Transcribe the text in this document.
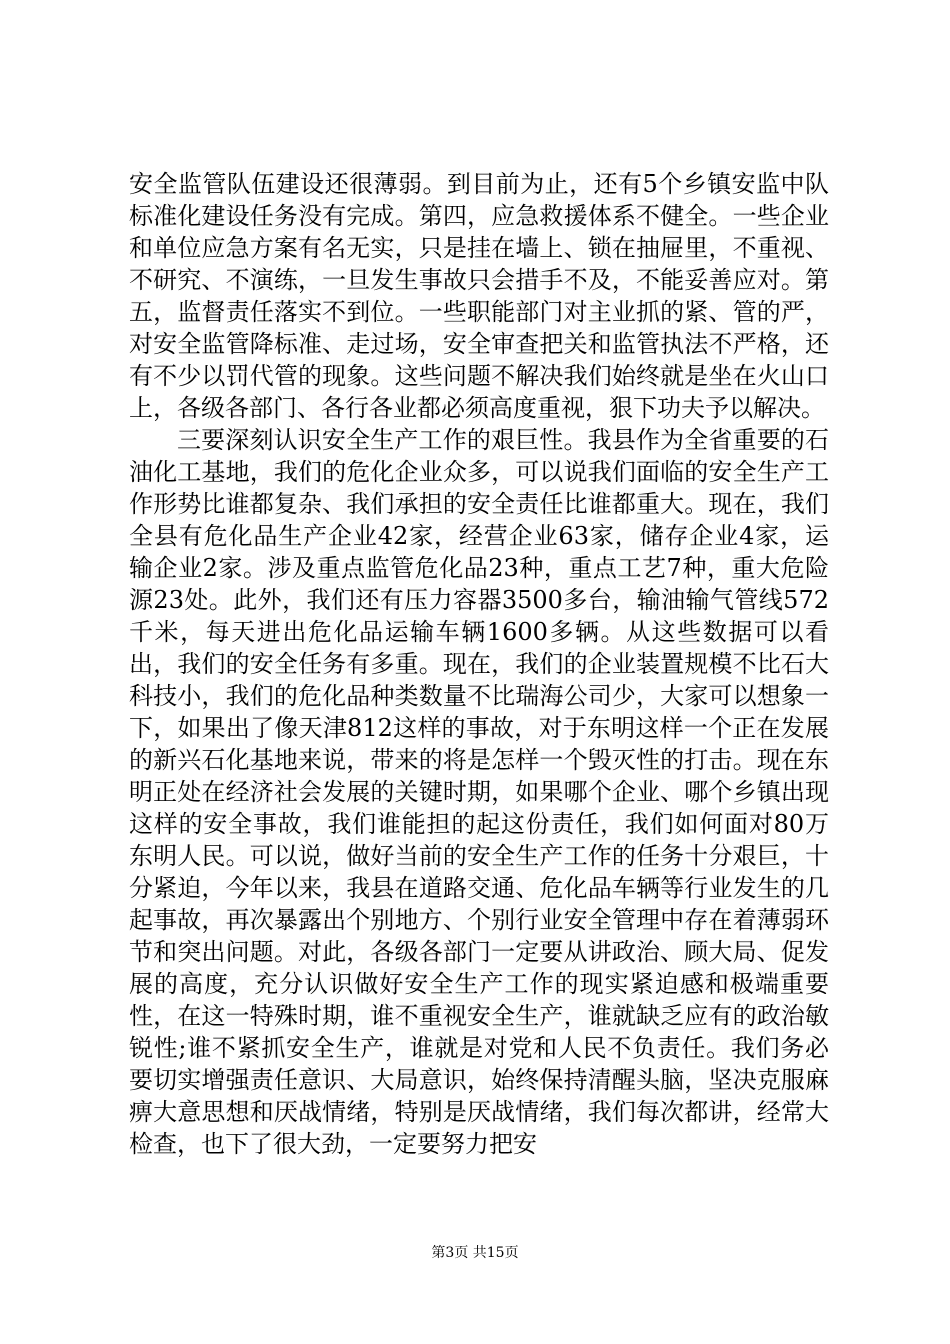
安全监管队伍建设还很薄弱。到目前为止，还有5个乡镇安监中队标准化建设任务没有完成。第四，应急救援体系不健全。一些企业和单位应急方案有名无实，只是挂在墙上、锁在抽屉里，不重视、不研究、不演练，一旦发生事故只会措手不及，不能妥善应对。第五，监督责任落实不到位。一些职能部门对主业抓的紧、管的严，对安全监管降标准、走过场，安全审查把关和监管执法不严格，还有不少以罚代管的现象。这些问题不解决我们始终就是坐在火山口上，各级各部门、各行各业都必须高度重视，狠下功夫予以解决。

三要深刻认识安全生产工作的艰巨性。我县作为全省重要的石油化工基地，我们的危化企业众多，可以说我们面临的安全生产工作形势比谁都复杂、我们承担的安全责任比谁都重大。现在，我们全县有危化品生产企业42家，经营企业63家，储存企业4家，运输企业2家。涉及重点监管危化品23种，重点工艺7种，重大危险源23处。此外，我们还有压力容器3500多台，输油输气管线572千米，每天进出危化品运输车辆1600多辆。从这些数据可以看出，我们的安全任务有多重。现在，我们的企业装置规模不比石大科技小，我们的危化品种类数量不比瑞海公司少，大家可以想象一下，如果出了像天津812这样的事故，对于东明这样一个正在发展的新兴石化基地来说，带来的将是怎样一个毁灭性的打击。现在东明正处在经济社会发展的关键时期，如果哪个企业、哪个乡镇出现这样的安全事故，我们谁能担的起这份责任，我们如何面对80万东明人民。可以说，做好当前的安全生产工作的任务十分艰巨，十分紧迫，今年以来，我县在道路交通、危化品车辆等行业发生的几起事故，再次暴露出个别地方、个别行业安全管理中存在着薄弱环节和突出问题。对此，各级各部门一定要从讲政治、顾大局、促发展的高度，充分认识做好安全生产工作的现实紧迫感和极端重要性，在这一特殊时期，谁不重视安全生产，谁就缺乏应有的政治敏锐性;谁不紧抓安全生产，谁就是对党和人民不负责任。我们务必要切实增强责任意识、大局意识，始终保持清醒头脑，坚决克服麻痹大意思想和厌战情绪，特别是厌战情绪，我们每次都讲，经常大检查，也下了很大劲，一定要努力把安

第3页 共15页
